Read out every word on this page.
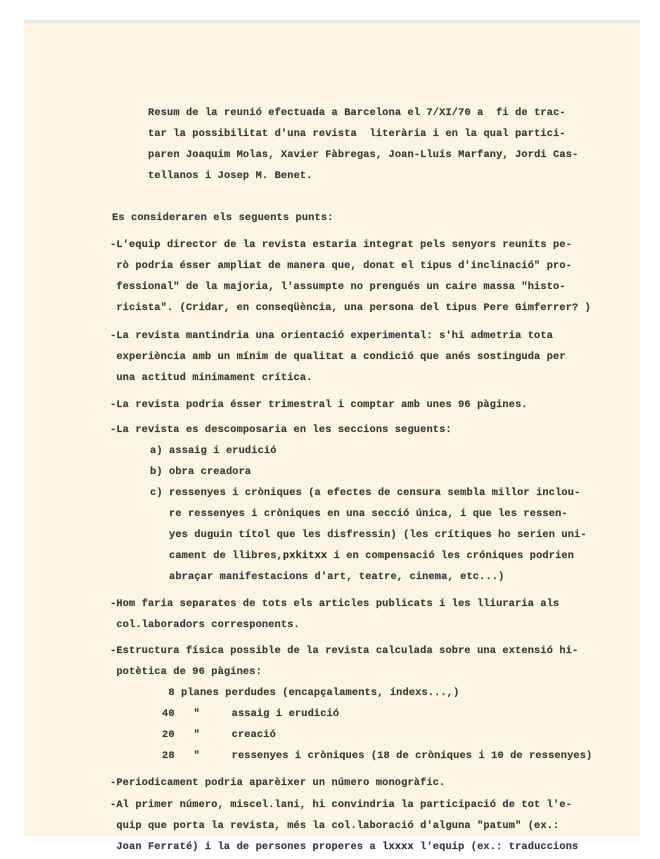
Resum de la reunió efectuada a Barcelona el 7/XI/70 a  fi de trac-
tar la possibilitat d'una revista  literària i en la qual partici-
paren Joaquim Molas, Xavier Fàbregas, Joan-Lluís Marfany, Jordi Cas-
tellanos i Josep M. Benet.
Es consideraren els seguents punts:
-L'equip director de la revista estaria integrat pels senyors reunits pe-
rò podria ésser ampliat de manera que, donat el tipus d'inclinació" pro-
fessional" de la majoria, l'assumpte no prengués un caire massa "histo-
ricista". (Cridar, en conseqüència, una persona del tipus Pere Gimferrer? )
-La revista mantindria una orientació experimental: s'hi admetria tota
experiència amb un mínim de qualitat a condició que anés sostinguda per
una actitud minimament crítica.
-La revista podria ésser trimestral i comptar amb unes 96 pàgines.
-La revista es descomposaria en les seccions seguents:
a) assaig i erudició
b) obra creadora
c) ressenyes i cròniques (a efectes de censura sembla millor inclou-
re ressenyes i cròniques en una secció única, i que les ressen-
yes duguin títol que les disfressin) (les crítiques ho serien uni-
cament de llibres,pxkitxx i en compensació les cróniques podrien
abraçar manifestacions d'art, teatre, cinema, etc...)
-Hom faria separates de tots els articles publicats i les lliuraria als
col.laboradors corresponents.
-Estructura física possible de la revista calculada sobre una extensió hi-
potètica de 96 pàgines:
8 planes perdudes (encapçalaments, índexs...,)
40   "     assaig i erudició
20   "     creació
28   "     ressenyes i cròniques (18 de cròniques i 10 de ressenyes)
-Periodicament podria aparèixer un número monogràfic.
-Al primer número, miscel.lani, hi convindria la participació de tot l'e-
quip que porta la revista, més la col.laboració d'alguna "patum" (ex.:
Joan Ferraté) i la de persones properes a lxxxx l'equip (ex.: traduccions
